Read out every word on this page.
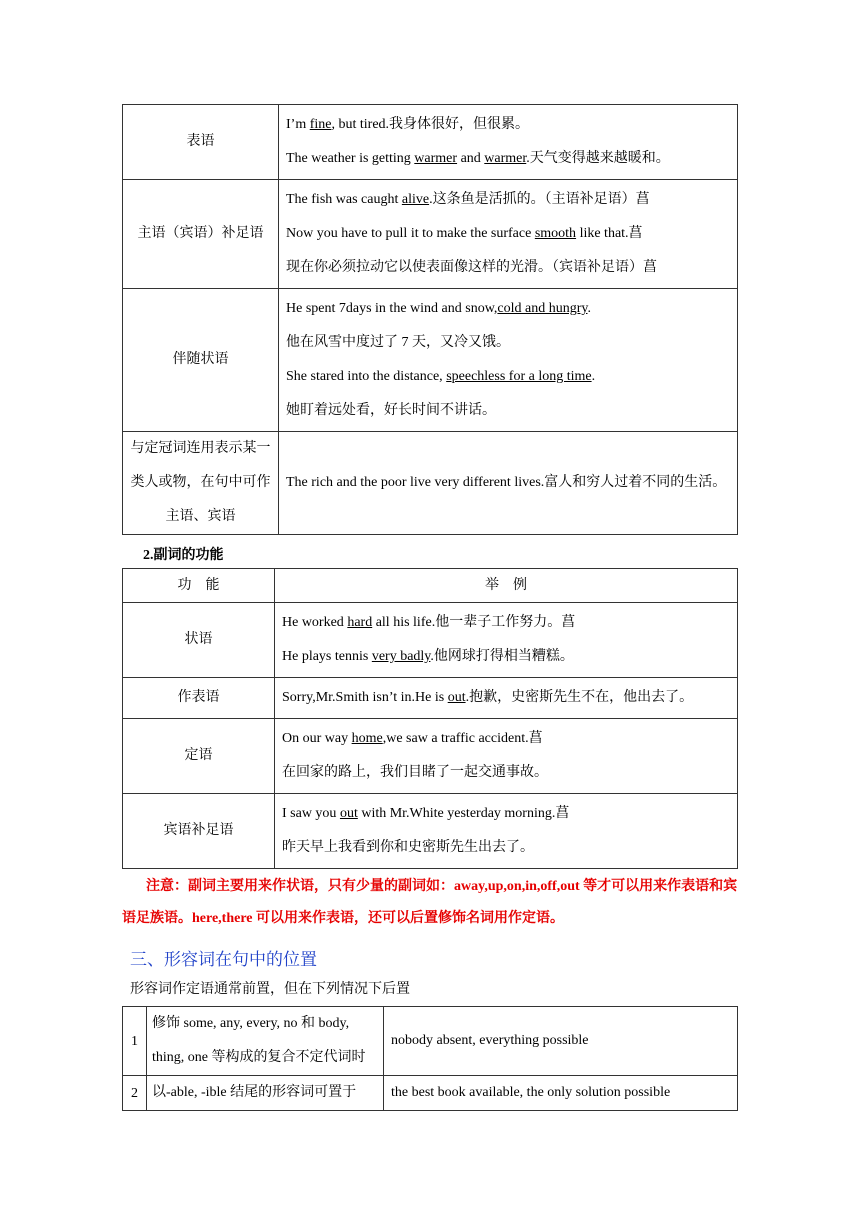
表语	I’m fine, but tired.我身体很好，但很累。
The weather is getting warmer and warmer.天气变得越来越暖和。

主语（宾语）补足语	The fish was caught alive.这条鱼是活抓的。（主语补足语）菖
Now you have to pull it to make the surface smooth like that.菖
现在你必须拉动它以使表面像这样的光滑。（宾语补足语）菖

伴随状语	He spent 7days in the wind and snow,cold and hungry.
他在风雪中度过了 7 天，又冷又饿。
She stared into the distance, speechless for a long time.
她盯着远处看，好长时间不讲话。

与定冠词连用表示某一类人或物，在句中可作主语、宾语	The rich and the poor live very different lives.富人和穷人过着不同的生活。
2.副词的功能
功　能	举　例
状语	He worked hard all his life.他一辈子工作努力。菖
He plays tennis very badly.他网球打得相当糟糕。

作表语	Sorry,Mr.Smith isn’t in.He is out.抱歉，史密斯先生不在，他出去了。

定语	On our way home,we saw a traffic accident.菖
在回家的路上，我们目睹了一起交通事故。

宾语补足语	I saw you out with Mr.White yesterday morning.菖
昨天早上我看到你和史密斯先生出去了。
注意：副词主要用来作状语，只有少量的副词如：away,up,on,in,off,out 等才可以用来作表语和宾语足族语。here,there 可以用来作表语，还可以后置修饰名词用作定语。
三、形容词在句中的位置
形容词作定语通常前置，但在下列情况下后置
1	修饰 some, any, every, no 和 body, thing, one 等构成的复合不定代词时	nobody absent, everything possible
2	以-able, -ible 结尾的形容词可置于	the best book available, the only solution possible
